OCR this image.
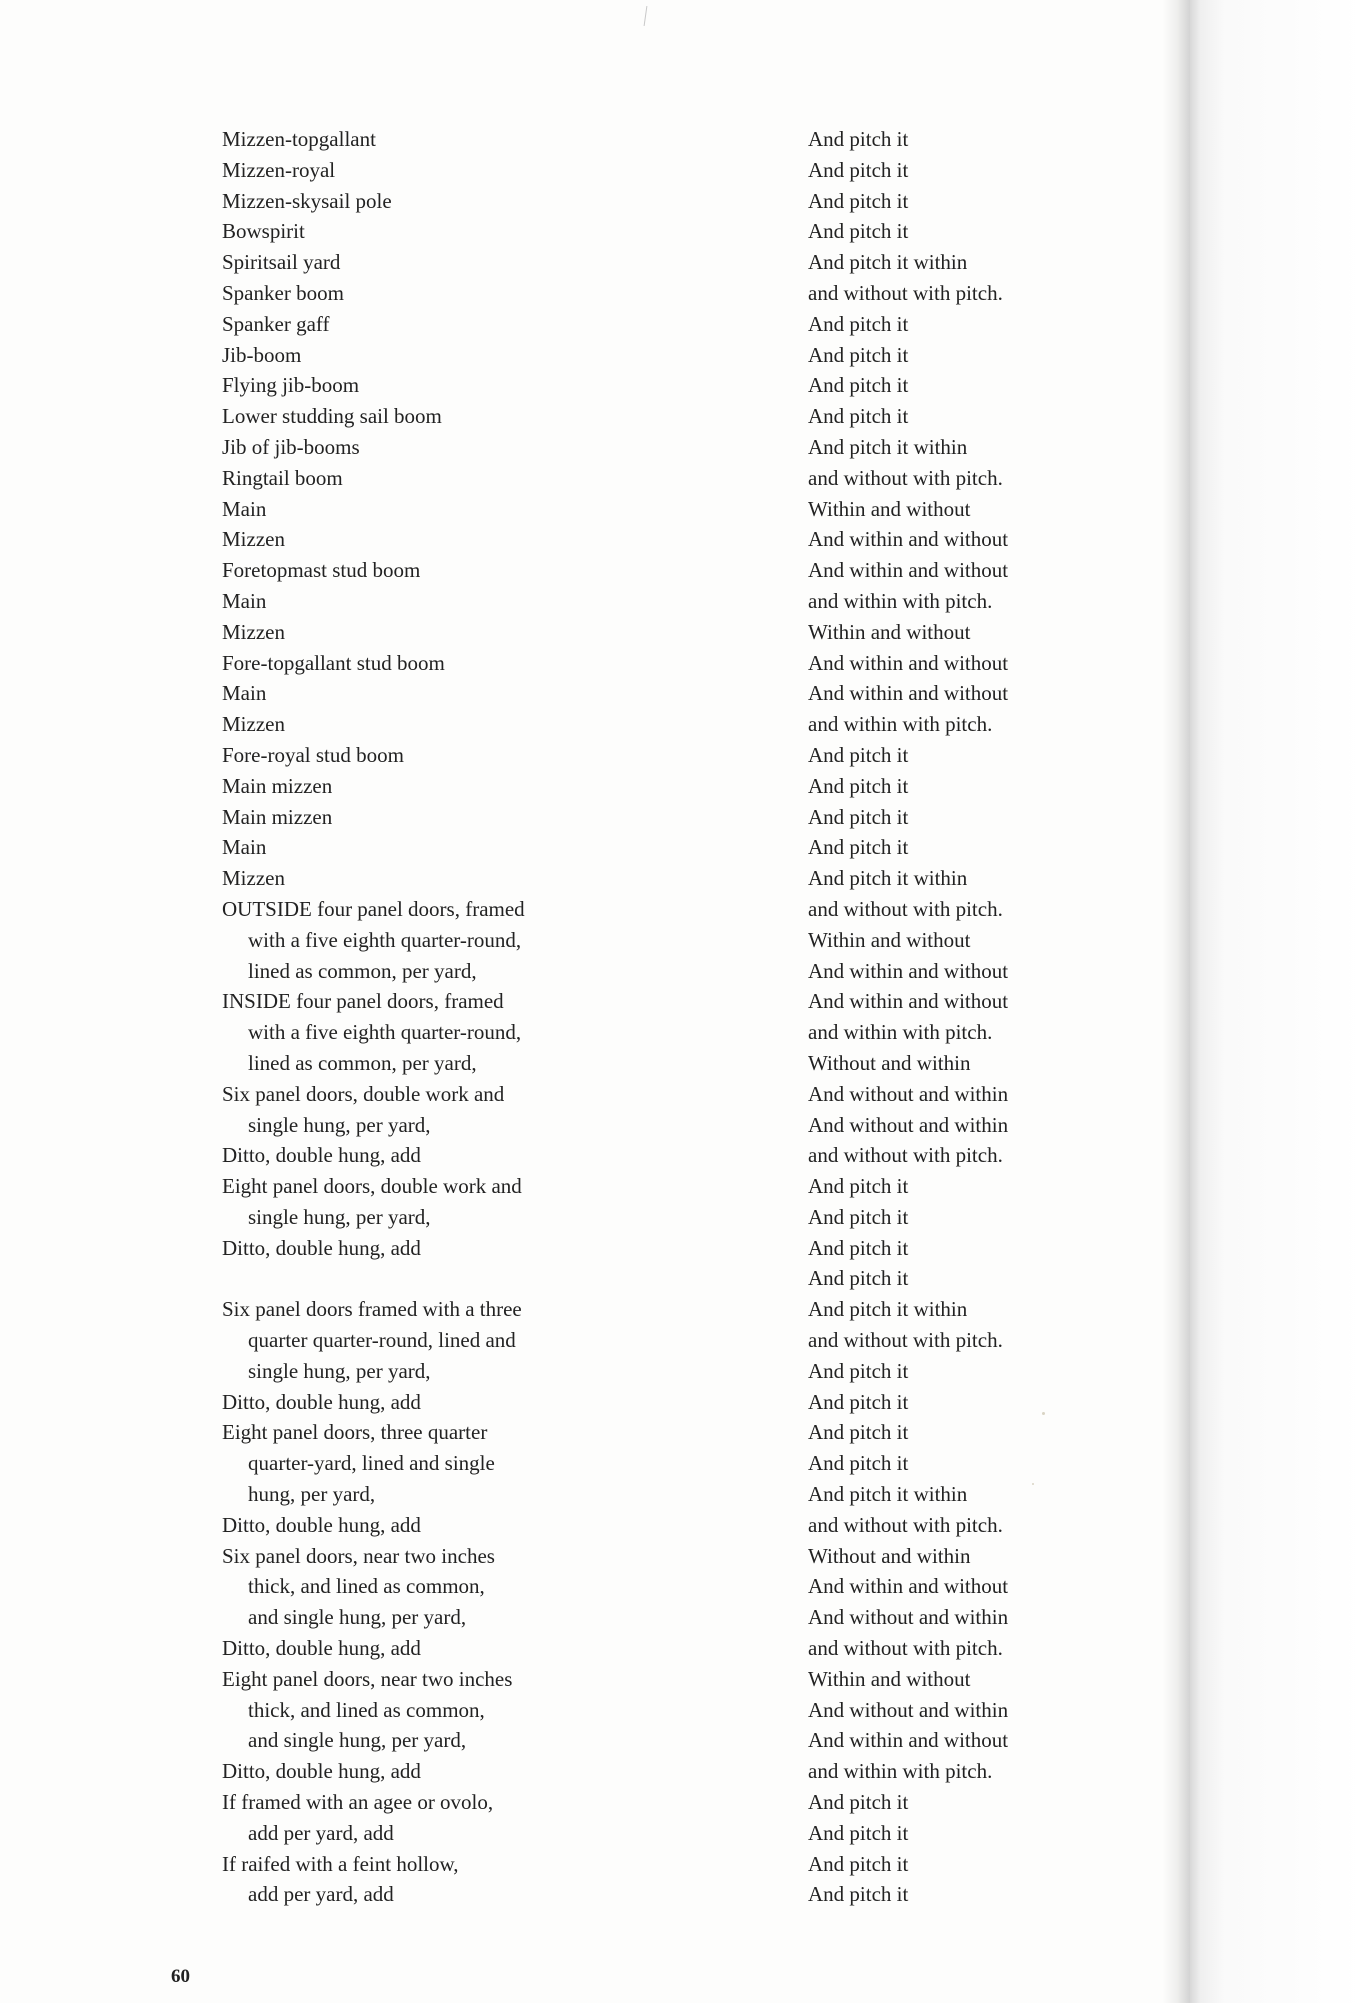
Mizzen-topgallant
Mizzen-royal
Mizzen-skysail pole
Bowspirit
Spiritsail yard
Spanker boom
Spanker gaff
Jib-boom
Flying jib-boom
Lower studding sail boom
Jib of jib-booms
Ringtail boom
Main
Mizzen
Foretopmast stud boom
Main
Mizzen
Fore-topgallant stud boom
Main
Mizzen
Fore-royal stud boom
Main mizzen
Main mizzen
Main
Mizzen
OUTSIDE four panel doors, framed
with a five eighth quarter-round,
lined as common, per yard,
INSIDE four panel doors, framed
with a five eighth quarter-round,
lined as common, per yard,
Six panel doors, double work and
single hung, per yard,
Ditto, double hung, add
Eight panel doors, double work and
single hung, per yard,
Ditto, double hung, add
Six panel doors framed with a three
quarter quarter-round, lined and
single hung, per yard,
Ditto, double hung, add
Eight panel doors, three quarter
quarter-yard, lined and single
hung, per yard,
Ditto, double hung, add
Six panel doors, near two inches
thick, and lined as common,
and single hung, per yard,
Ditto, double hung, add
Eight panel doors, near two inches
thick, and lined as common,
and single hung, per yard,
Ditto, double hung, add
If framed with an agee or ovolo,
add per yard, add
If raifed with a feint hollow,
add per yard, add
And pitch it
And pitch it
And pitch it
And pitch it
And pitch it within
and without with pitch.
And pitch it
And pitch it
And pitch it
And pitch it
And pitch it within
and without with pitch.
Within and without
And within and without
And within and without
and within with pitch.
Within and without
And within and without
And within and without
and within with pitch.
And pitch it
And pitch it
And pitch it
And pitch it
And pitch it within
and without with pitch.
Within and without
And within and without
And within and without
and within with pitch.
Without and within
And without and within
And without and within
and without with pitch.
And pitch it
And pitch it
And pitch it
And pitch it
And pitch it within
and without with pitch.
And pitch it
And pitch it
And pitch it
And pitch it
And pitch it within
and without with pitch.
Without and within
And within and without
And without and within
and without with pitch.
Within and without
And without and within
And within and without
and within with pitch.
And pitch it
And pitch it
And pitch it
And pitch it
60
